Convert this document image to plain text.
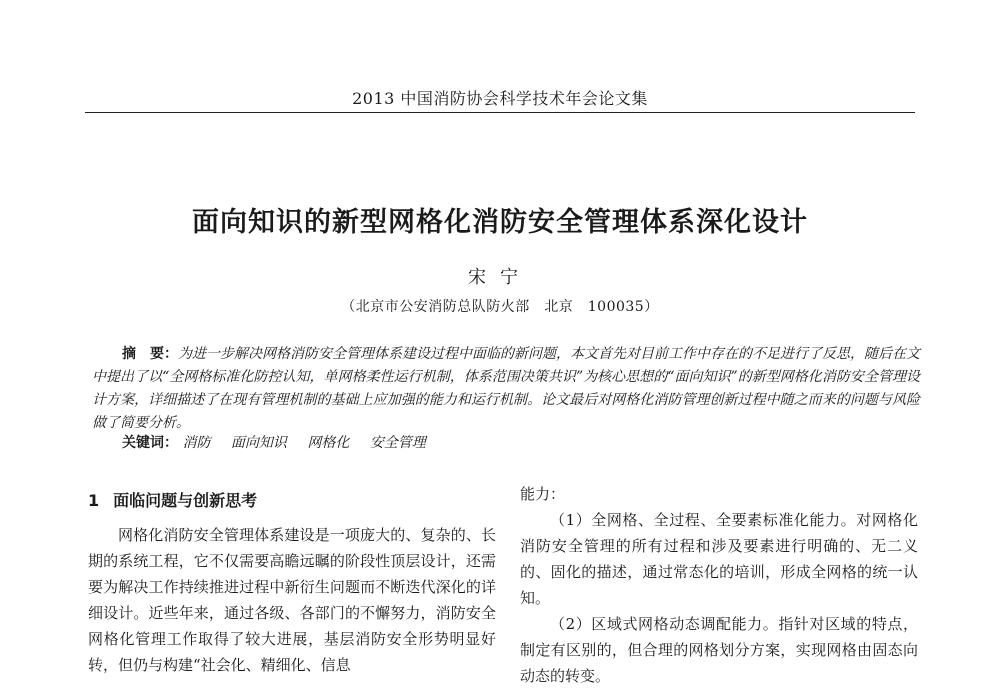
2013 中国消防协会科学技术年会论文集
面向知识的新型网格化消防安全管理体系深化设计
宋宁
（北京市公安消防总队防火部　北京　100035）
摘　要：为进一步解决网格消防安全管理体系建设过程中面临的新问题，本文首先对目前工作中存在的不足进行了反思，随后在文中提出了以“全网格标准化防控认知，单网格柔性运行机制，体系范围决策共识”为核心思想的“面向知识”的新型网格化消防安全管理设计方案，详细描述了在现有管理机制的基础上应加强的能力和运行机制。论文最后对网格化消防管理创新过程中随之而来的问题与风险做了简要分析。
关键词： 消防 面向知识 网格化 安全管理
1 面临问题与创新思考

网格化消防安全管理体系建设是一项庞大的、复杂的、长期的系统工程，它不仅需要高瞻远瞩的阶段性顶层设计，还需要为解决工作持续推进过程中新衍生问题而不断迭代深化的详细设计。近些年来，通过各级、各部门的不懈努力，消防安全网格化管理工作取得了较大进展，基层消防安全形势明显好转，但仍与构建“社会化、精细化、信息

能力：

（1）全网格、全过程、全要素标准化能力。对网格化消防安全管理的所有过程和涉及要素进行明确的、无二义的、固化的描述，通过常态化的培训，形成全网格的统一认知。

（2）区域式网格动态调配能力。指针对区域的特点，制定有区别的，但合理的网格划分方案，实现网格由固态向动态的转变。
